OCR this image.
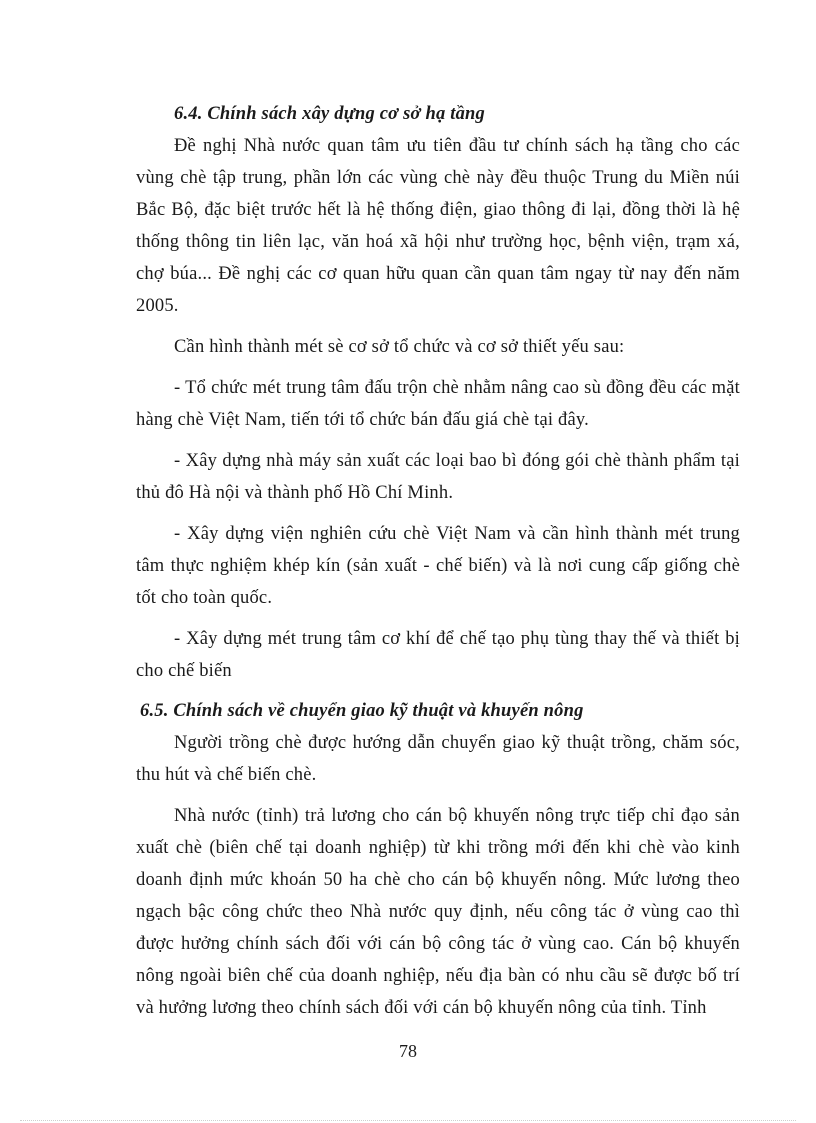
6.4. Chính sách xây dựng cơ sở hạ tầng

Đề nghị Nhà nước quan tâm ưu tiên đầu tư chính sách hạ tầng cho các vùng chè tập trung, phần lớn các vùng chè này đều thuộc Trung du Miền núi Bắc Bộ, đặc biệt trước hết là hệ thống điện, giao thông đi lại, đồng thời là hệ thống thông tin liên lạc, văn hoá xã hội như trường học, bệnh viện, trạm xá, chợ búa... Đề nghị các cơ quan hữu quan cần quan tâm ngay từ nay đến năm 2005.

Cần hình thành mét sè cơ sở tổ chức và cơ sở thiết yếu sau:

- Tổ chức mét trung tâm đấu trộn chè nhằm nâng cao sù đồng đều các mặt hàng chè Việt Nam, tiến tới tổ chức bán đấu giá chè tại đây.

- Xây dựng nhà máy sản xuất các loại bao bì đóng gói chè thành phẩm tại thủ đô Hà nội và thành phố Hồ Chí Minh.

- Xây dựng viện nghiên cứu chè Việt Nam và cần hình thành mét trung tâm thực nghiệm khép kín (sản xuất - chế biến) và là nơi cung cấp giống chè tốt cho toàn quốc.

- Xây dựng mét trung tâm cơ khí để chế tạo phụ tùng thay thế và thiết bị cho chế biến

6.5. Chính sách về chuyển giao kỹ thuật và khuyến nông

Người trồng chè được hướng dẫn chuyển giao kỹ thuật trồng, chăm sóc, thu hút và chế biến chè.

Nhà nước (tỉnh) trả lương cho cán bộ khuyến nông trực tiếp chỉ đạo sản xuất chè (biên chế tại doanh nghiệp) từ khi trồng mới đến khi chè vào kinh doanh định mức khoán 50 ha chè cho cán bộ khuyến nông. Mức lương theo ngạch bậc công chức theo Nhà nước quy định, nếu công tác ở vùng cao thì được hưởng chính sách đối với cán bộ công tác ở vùng cao. Cán bộ khuyến nông ngoài biên chế của doanh nghiệp, nếu địa bàn có nhu cầu sẽ được bố trí và hưởng lương theo chính sách đối với cán bộ khuyến nông của tỉnh. Tỉnh

78
